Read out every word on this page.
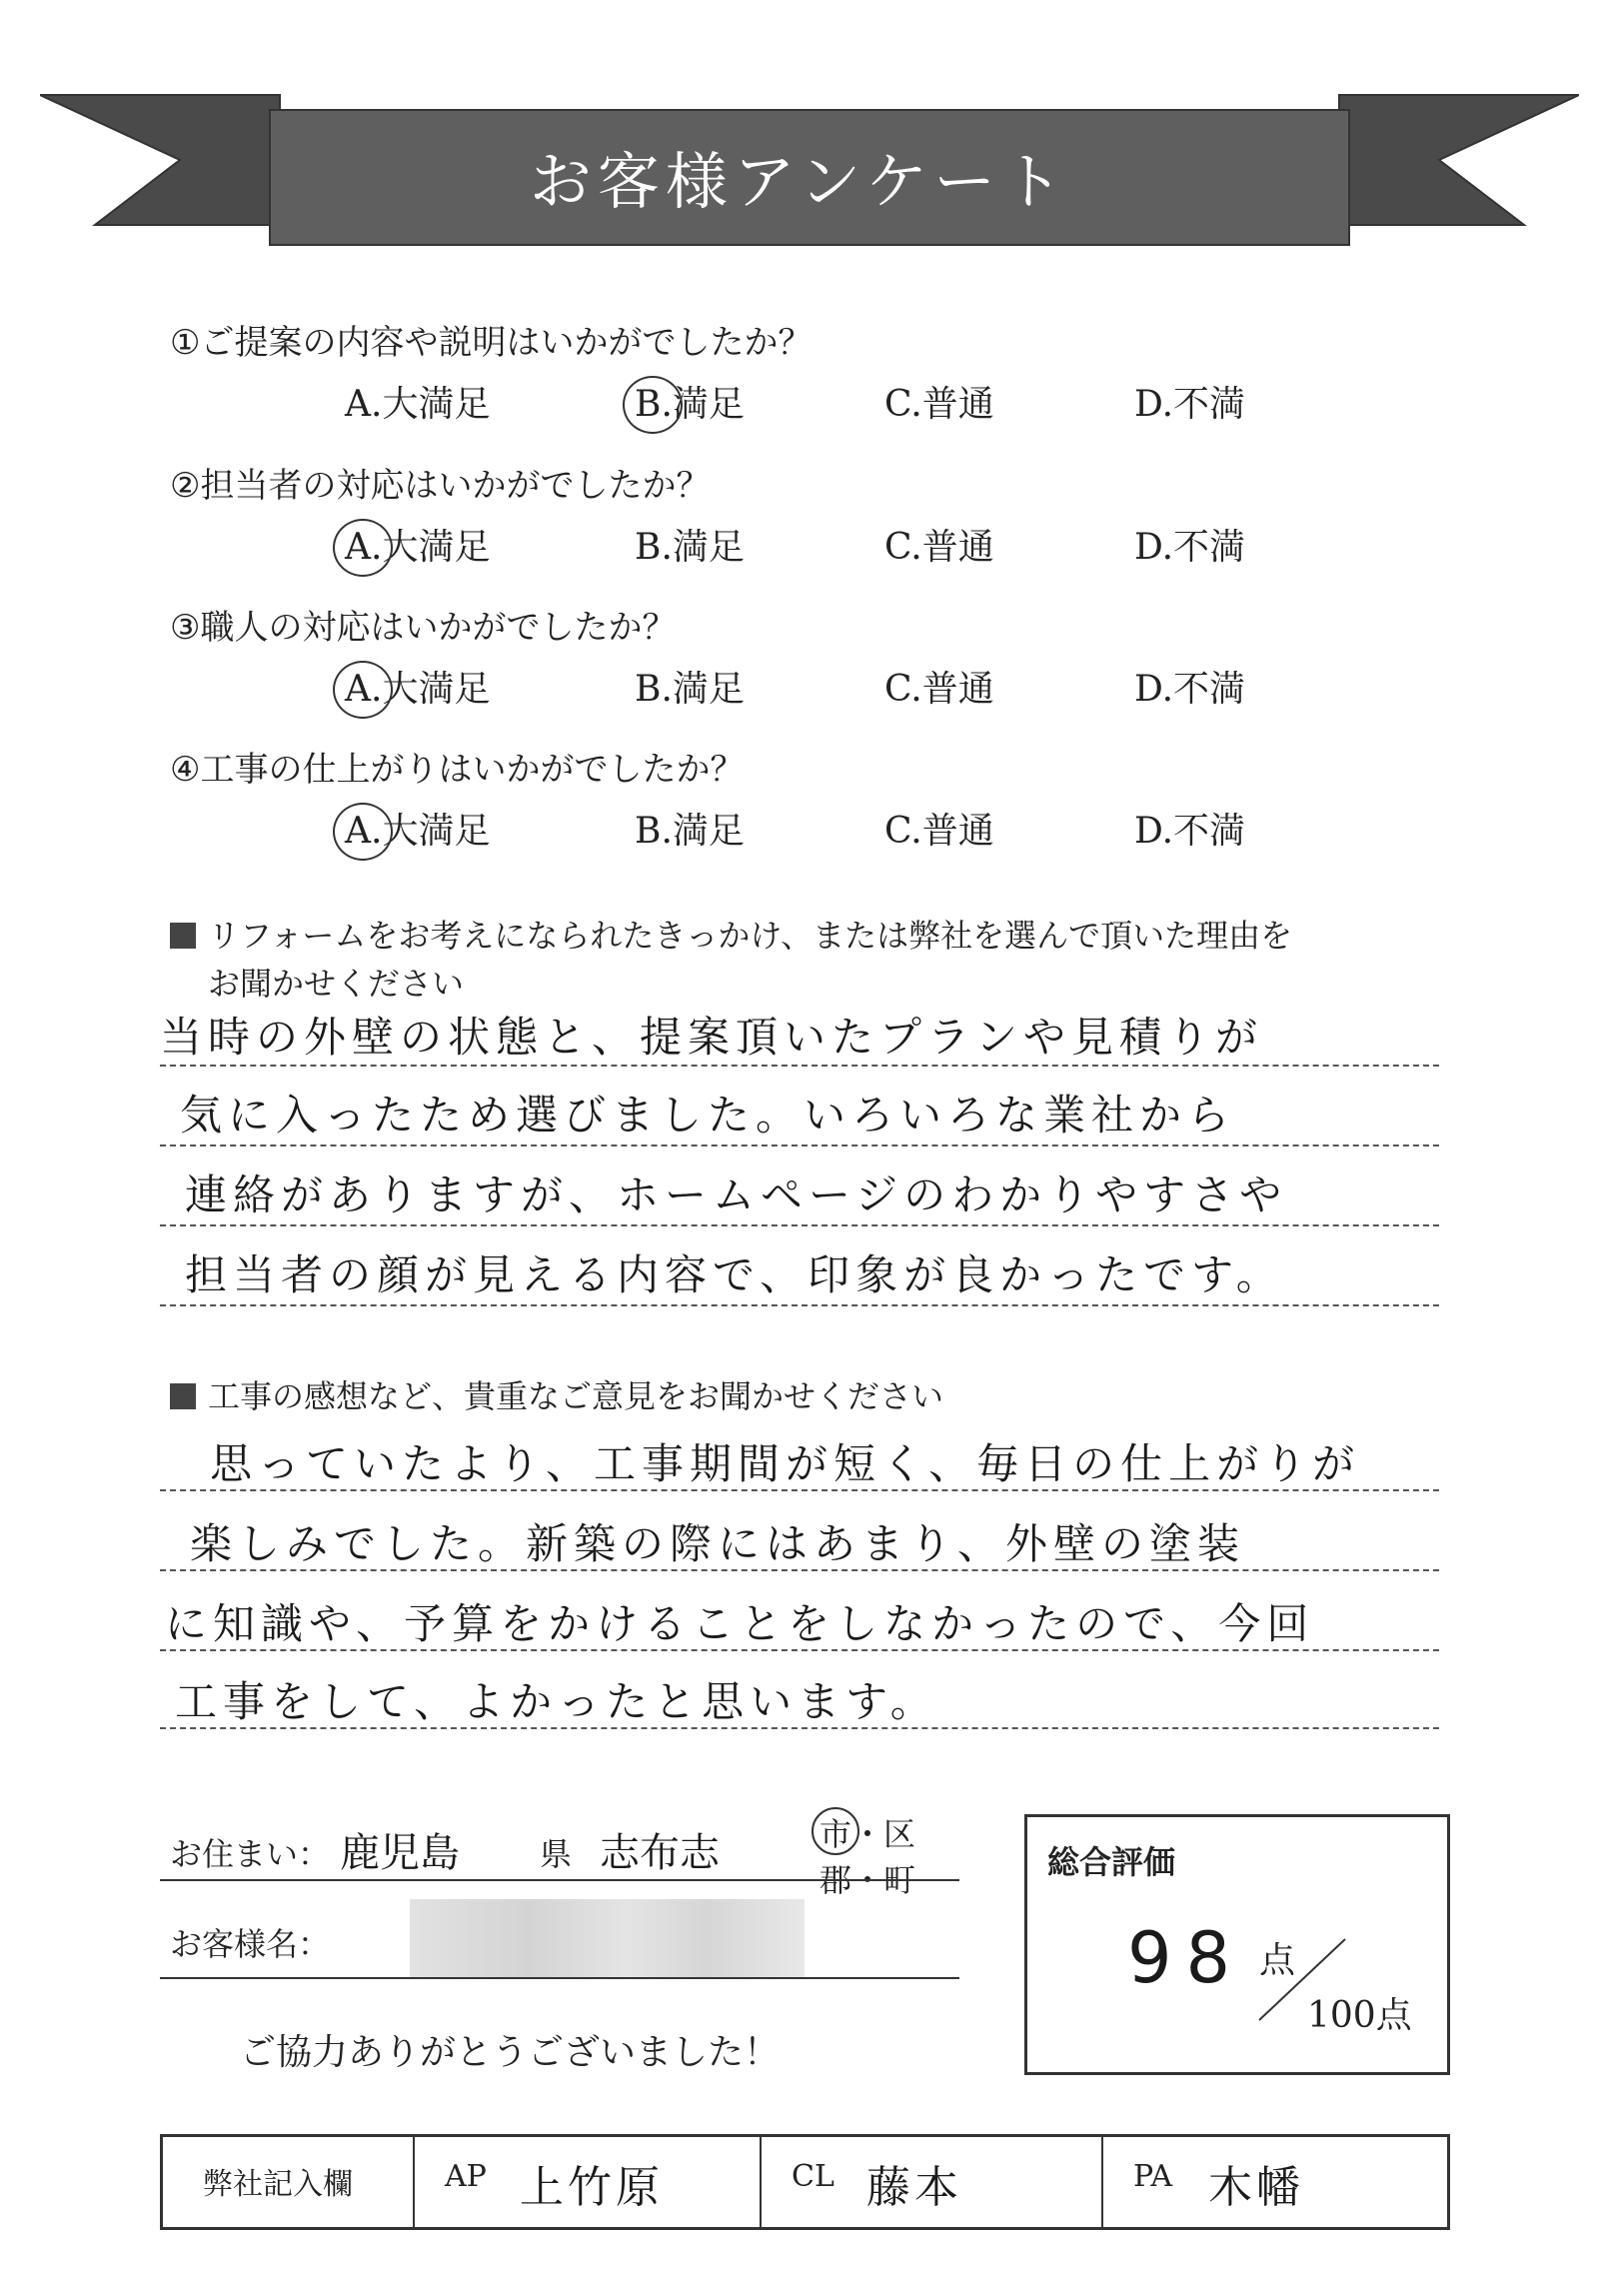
お客様アンケート
①ご提案の内容や説明はいかがでしたか？
A.大満足	B.満足	C.普通	D.不満
②担当者の対応はいかがでしたか？
A.大満足	B.満足	C.普通	D.不満
③職人の対応はいかがでしたか？
A.大満足	B.満足	C.普通	D.不満
④工事の仕上がりはいかがでしたか？
A.大満足	B.満足	C.普通	D.不満
リフォームをお考えになられたきっかけ、または弊社を選んで頂いた理由を
お聞かせください
当時の外壁の状態と、提案頂いたプランや見積りが
気に入ったため選びました。いろいろな業社から
連絡がありますが、ホームページのわかりやすさや
担当者の顔が見える内容で、印象が良かったです。
工事の感想など、貴重なご意見をお聞かせください
思っていたより、工事期間が短く、毎日の仕上がりが
楽しみでした。新築の際にはあまり、外壁の塗装
に知識や、予算をかけることをしなかったので、今回
工事をして、よかったと思います。
お住まい： 鹿児島	県 志布志	市・区
郡・町
お客様名：
ご協力ありがとうございました！
総合評価
98 点
100点
弊社記入欄	AP 上竹原	CL 藤本	PA 木幡
